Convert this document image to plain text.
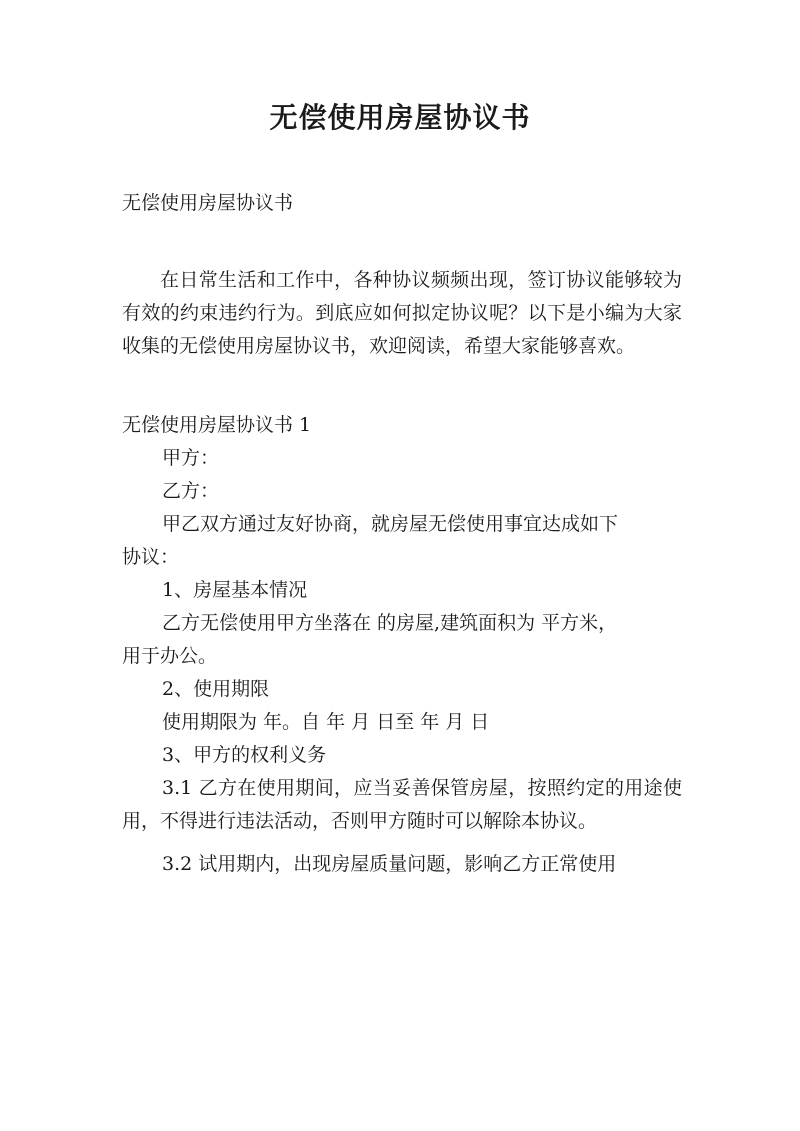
无偿使用房屋协议书

无偿使用房屋协议书

在日常生活和工作中，各种协议频频出现，签订协议能够较为有效的约束违约行为。到底应如何拟定协议呢？以下是小编为大家收集的无偿使用房屋协议书，欢迎阅读，希望大家能够喜欢。

无偿使用房屋协议书 1

甲方：

乙方：

甲乙双方通过友好协商，就房屋无偿使用事宜达成如下

协议：

1、房屋基本情况

乙方无偿使用甲方坐落在 的房屋,建筑面积为 平方米，

用于办公。

2、使用期限

使用期限为 年。自 年 月 日至 年 月 日

3、甲方的权利义务

3.1 乙方在使用期间，应当妥善保管房屋，按照约定的用途使用，不得进行违法活动，否则甲方随时可以解除本协议。

3.2 试用期内，出现房屋质量问题，影响乙方正常使用
